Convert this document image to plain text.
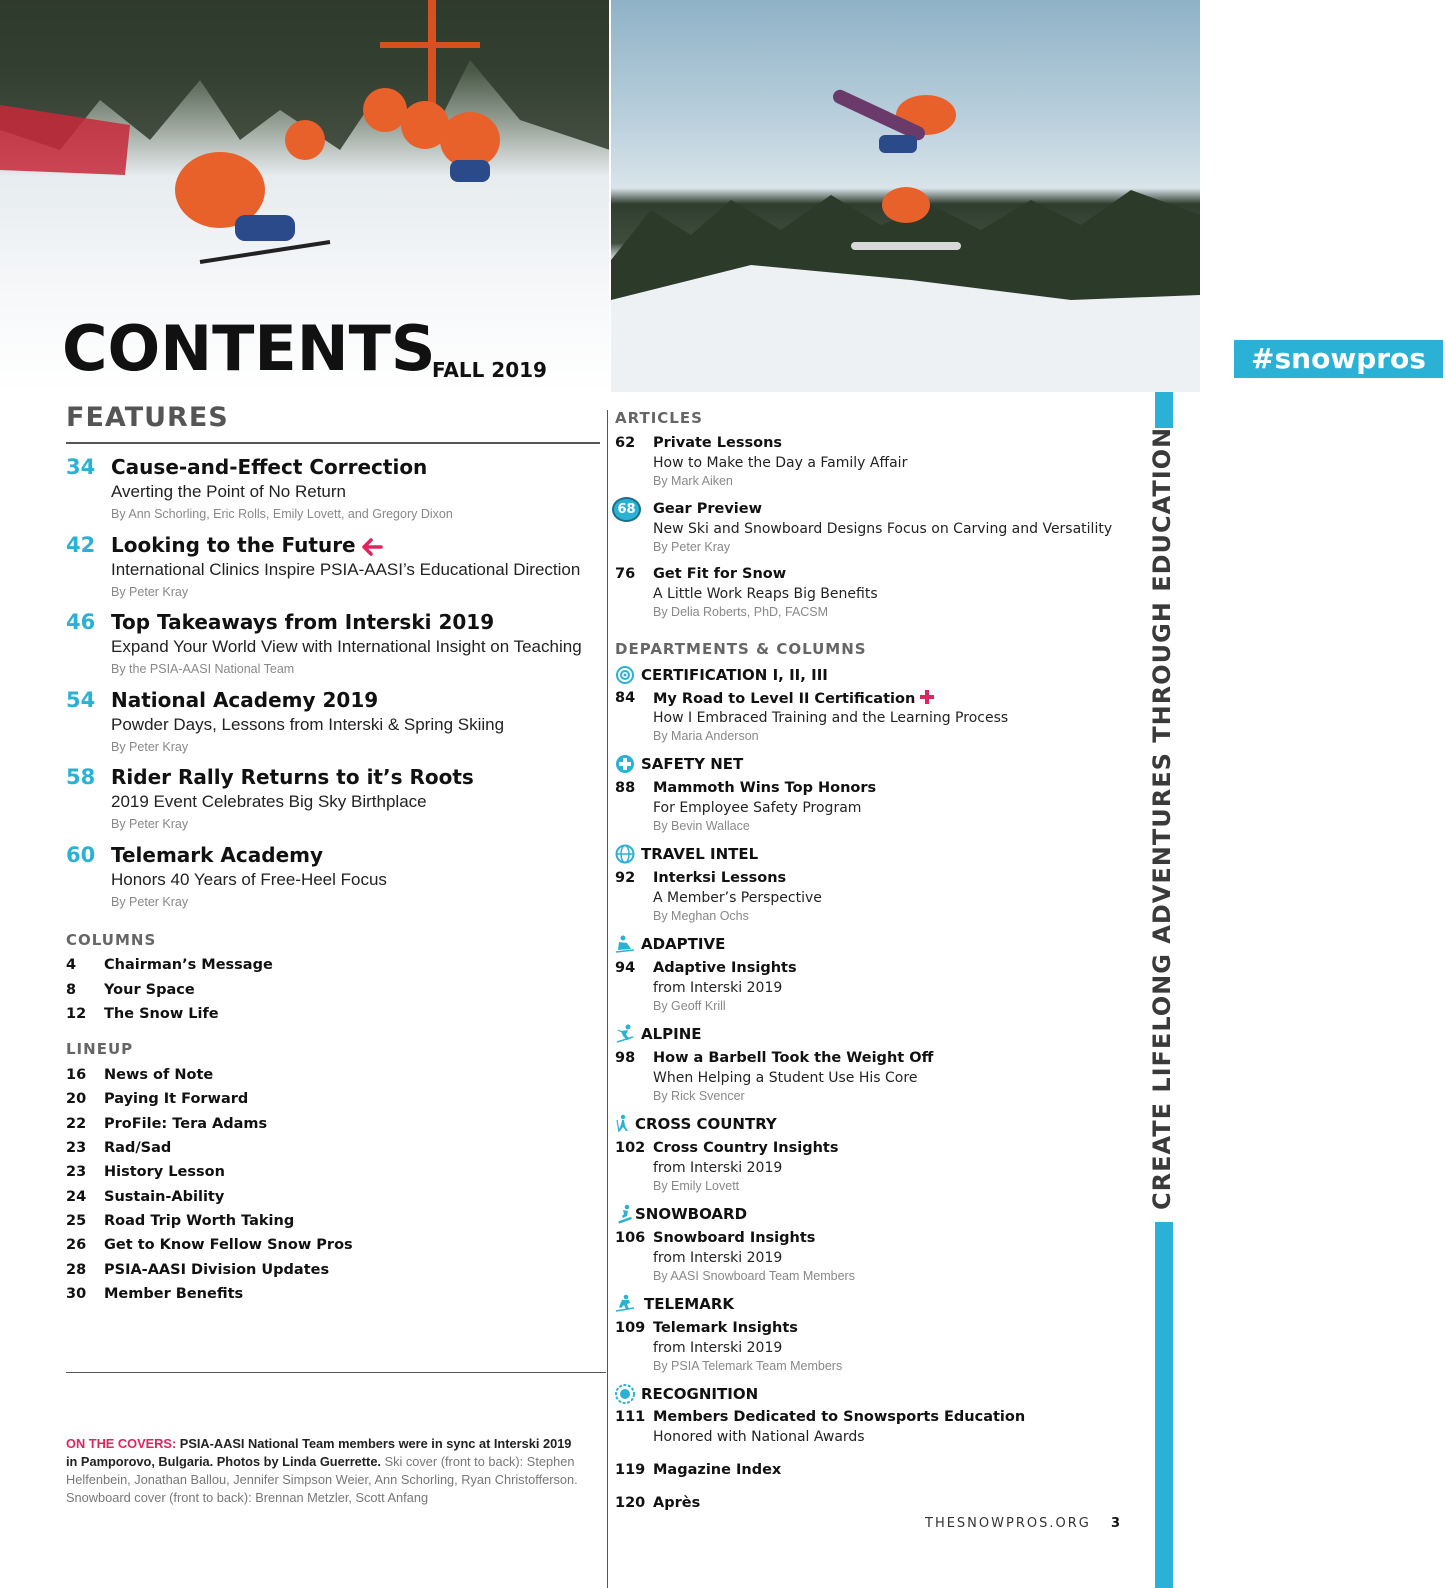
CONTENTS
FALL 2019	#snowpros
CREATE LIFELONG ADVENTURES THROUGH EDUCATION
FEATURES
34 Cause-and-Effect Correction
Averting the Point of No Return
By Ann Schorling, Eric Rolls, Emily Lovett, and Gregory Dixon
42 Looking to the Future
International Clinics Inspire PSIA-AASI’s Educational Direction
By Peter Kray
46 Top Takeaways from Interski 2019
Expand Your World View with International Insight on Teaching
By the PSIA-AASI National Team
54 National Academy 2019
Powder Days, Lessons from Interski & Spring Skiing
By Peter Kray
58 Rider Rally Returns to it’s Roots
2019 Event Celebrates Big Sky Birthplace
By Peter Kray
60 Telemark Academy
Honors 40 Years of Free-Heel Focus
By Peter Kray
COLUMNS
4	Chairman’s Message
8	Your Space
12	The Snow Life
LINEUP
16	News of Note
20	Paying It Forward
22	ProFile: Tera Adams
23	Rad/Sad
23	History Lesson
24	Sustain-Ability
25	Road Trip Worth Taking
26	Get to Know Fellow Snow Pros
28	PSIA-AASI Division Updates
30	Member Benefits
ON THE COVERS: PSIA-AASI National Team members were in sync at Interski 2019 in Pamporovo, Bulgaria. Photos by Linda Guerrette. Ski cover (front to back): Stephen Helfenbein, Jonathan Ballou, Jennifer Simpson Weier, Ann Schorling, Ryan Christofferson. Snowboard cover (front to back): Brennan Metzler, Scott Anfang
ARTICLES
62 Private Lessons
How to Make the Day a Family Affair
By Mark Aiken
68	Gear Preview
New Ski and Snowboard Designs Focus on Carving and Versatility
By Peter Kray
76 Get Fit for Snow
A Little Work Reaps Big Benefits
By Delia Roberts, PhD, FACSM
DEPARTMENTS & COLUMNS
CERTIFICATION I, II, III
84 My Road to Level II Certification
How I Embraced Training and the Learning Process
By Maria Anderson
SAFETY NET
88 Mammoth Wins Top Honors
For Employee Safety Program
By Bevin Wallace
TRAVEL INTEL
92 Interksi Lessons
A Member’s Perspective
By Meghan Ochs
ADAPTIVE
94 Adaptive Insights
from Interski 2019
By Geoff Krill
ALPINE
98 How a Barbell Took the Weight Off
When Helping a Student Use His Core
By Rick Svencer
CROSS COUNTRY
102 Cross Country Insights
from Interski 2019
By Emily Lovett
SNOWBOARD
106 Snowboard Insights
from Interski 2019
By AASI Snowboard Team Members
TELEMARK
109 Telemark Insights
from Interski 2019
By PSIA Telemark Team Members
RECOGNITION
111 Members Dedicated to Snowsports Education
Honored with National Awards
119 Magazine Index
120 Après
THESNOWPROS.ORG 3
